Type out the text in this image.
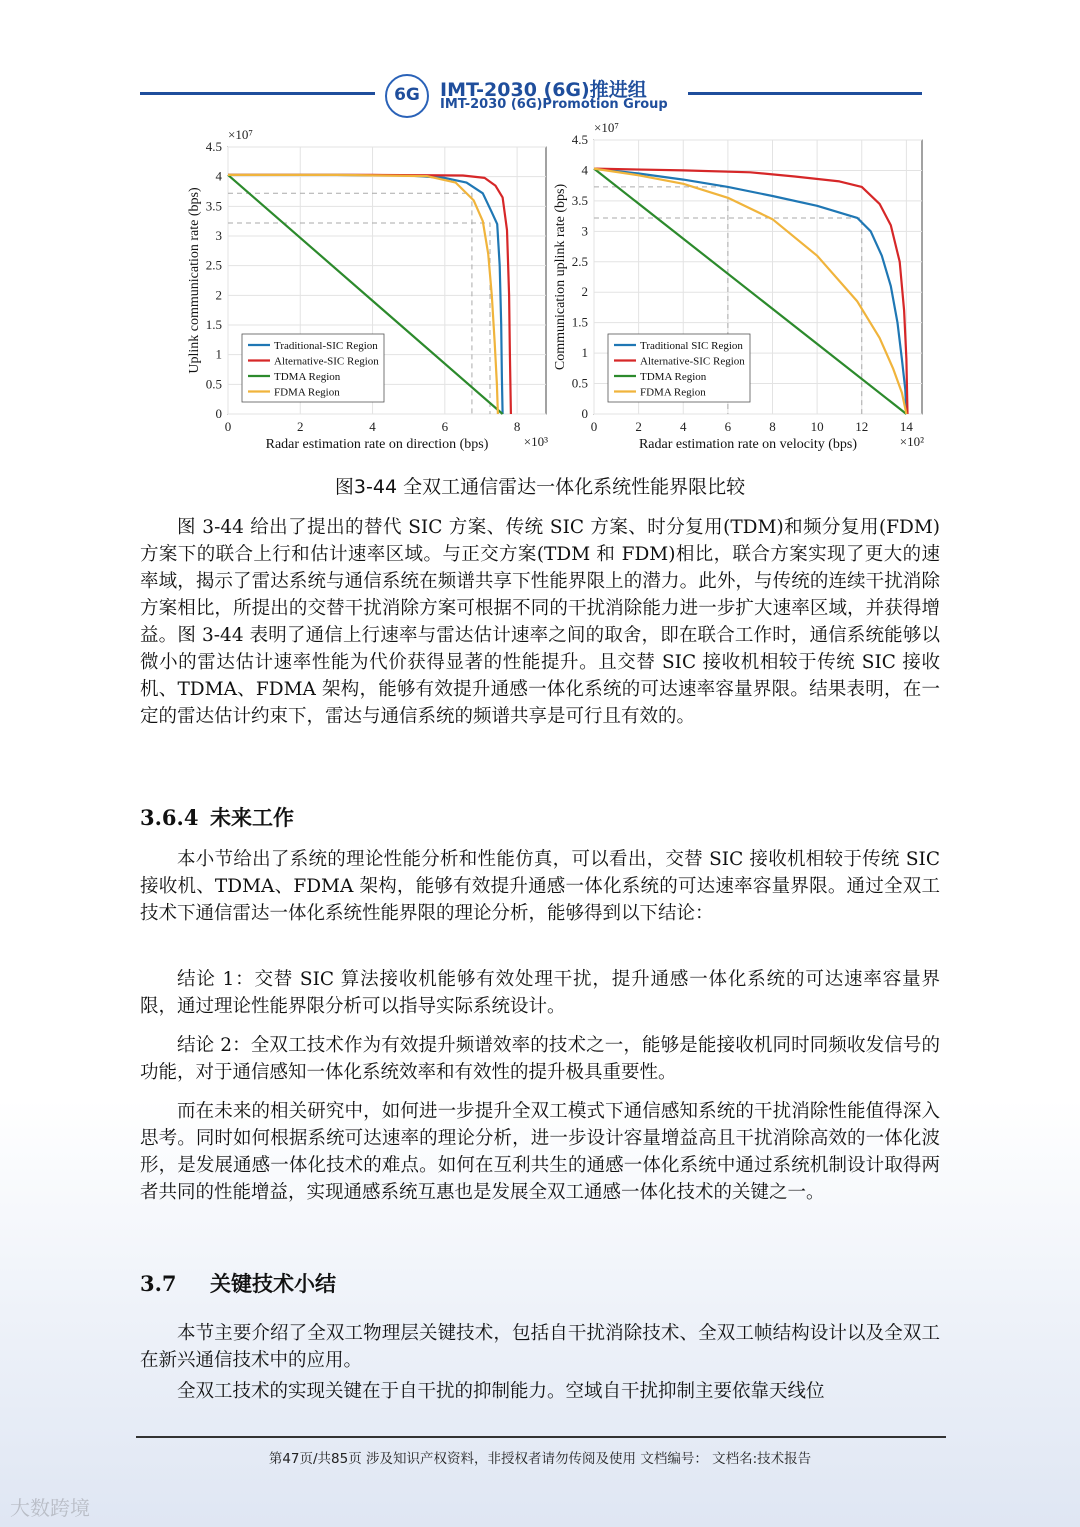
6G	IMT-2030 (6G)推进组
IMT-2030 (6G)Promotion Group
0	2	4	6	8
0
0.5
1
1.5
2
2.5
3
3.5
4
4.5
×10⁷
×10³
Radar estimation rate on direction (bps)
Uplink communication rate (bps)	Traditional-SIC Region
Alternative-SIC Region
TDMA Region
FDMA Region
0	2	4	6	8	10 12 14
0
0.5
1
1.5
2
2.5
3
3.5
4
4.5
×10⁷
×10²
Radar estimation rate on velocity (bps)
Communication uplink rate (bps)	Traditional SIC Region
Alternative-SIC Region
TDMA Region
FDMA Region
图3-44 全双工通信雷达一体化系统性能界限比较

图 3-44 给出了提出的替代 SIC 方案、传统 SIC 方案、时分复用(TDM)和频分复用(FDM)方案下的联合上行和估计速率区域。与正交方案(TDM 和 FDM)相比，联合方案实现了更大的速率域，揭示了雷达系统与通信系统在频谱共享下性能界限上的潜力。此外，与传统的连续干扰消除方案相比，所提出的交替干扰消除方案可根据不同的干扰消除能力进一步扩大速率区域，并获得增益。图 3-44 表明了通信上行速率与雷达估计速率之间的取舍，即在联合工作时，通信系统能够以微小的雷达估计速率性能为代价获得显著的性能提升。且交替 SIC 接收机相较于传统 SIC 接收机、TDMA、FDMA 架构，能够有效提升通感一体化系统的可达速率容量界限。结果表明，在一定的雷达估计约束下，雷达与通信系统的频谱共享是可行且有效的。

3.6.4 未来工作

本小节给出了系统的理论性能分析和性能仿真，可以看出，交替 SIC 接收机相较于传统 SIC 接收机、TDMA、FDMA 架构，能够有效提升通感一体化系统的可达速率容量界限。通过全双工技术下通信雷达一体化系统性能界限的理论分析，能够得到以下结论：

结论 1：交替 SIC 算法接收机能够有效处理干扰，提升通感一体化系统的可达速率容量界限，通过理论性能界限分析可以指导实际系统设计。

结论 2：全双工技术作为有效提升频谱效率的技术之一，能够是能接收机同时同频收发信号的功能，对于通信感知一体化系统效率和有效性的提升极具重要性。

而在未来的相关研究中，如何进一步提升全双工模式下通信感知系统的干扰消除性能值得深入思考。同时如何根据系统可达速率的理论分析，进一步设计容量增益高且干扰消除高效的一体化波形，是发展通感一体化技术的难点。如何在互利共生的通感一体化系统中通过系统机制设计取得两者共同的性能增益，实现通感系统互惠也是发展全双工通感一体化技术的关键之一。

3.7 关键技术小结

本节主要介绍了全双工物理层关键技术，包括自干扰消除技术、全双工帧结构设计以及全双工在新兴通信技术中的应用。

全双工技术的实现关键在于自干扰的抑制能力。空域自干扰抑制主要依靠天线位

第47页/共85页 涉及知识产权资料，非授权者请勿传阅及使用 文档编号： 文档名:技术报告
大数跨境
